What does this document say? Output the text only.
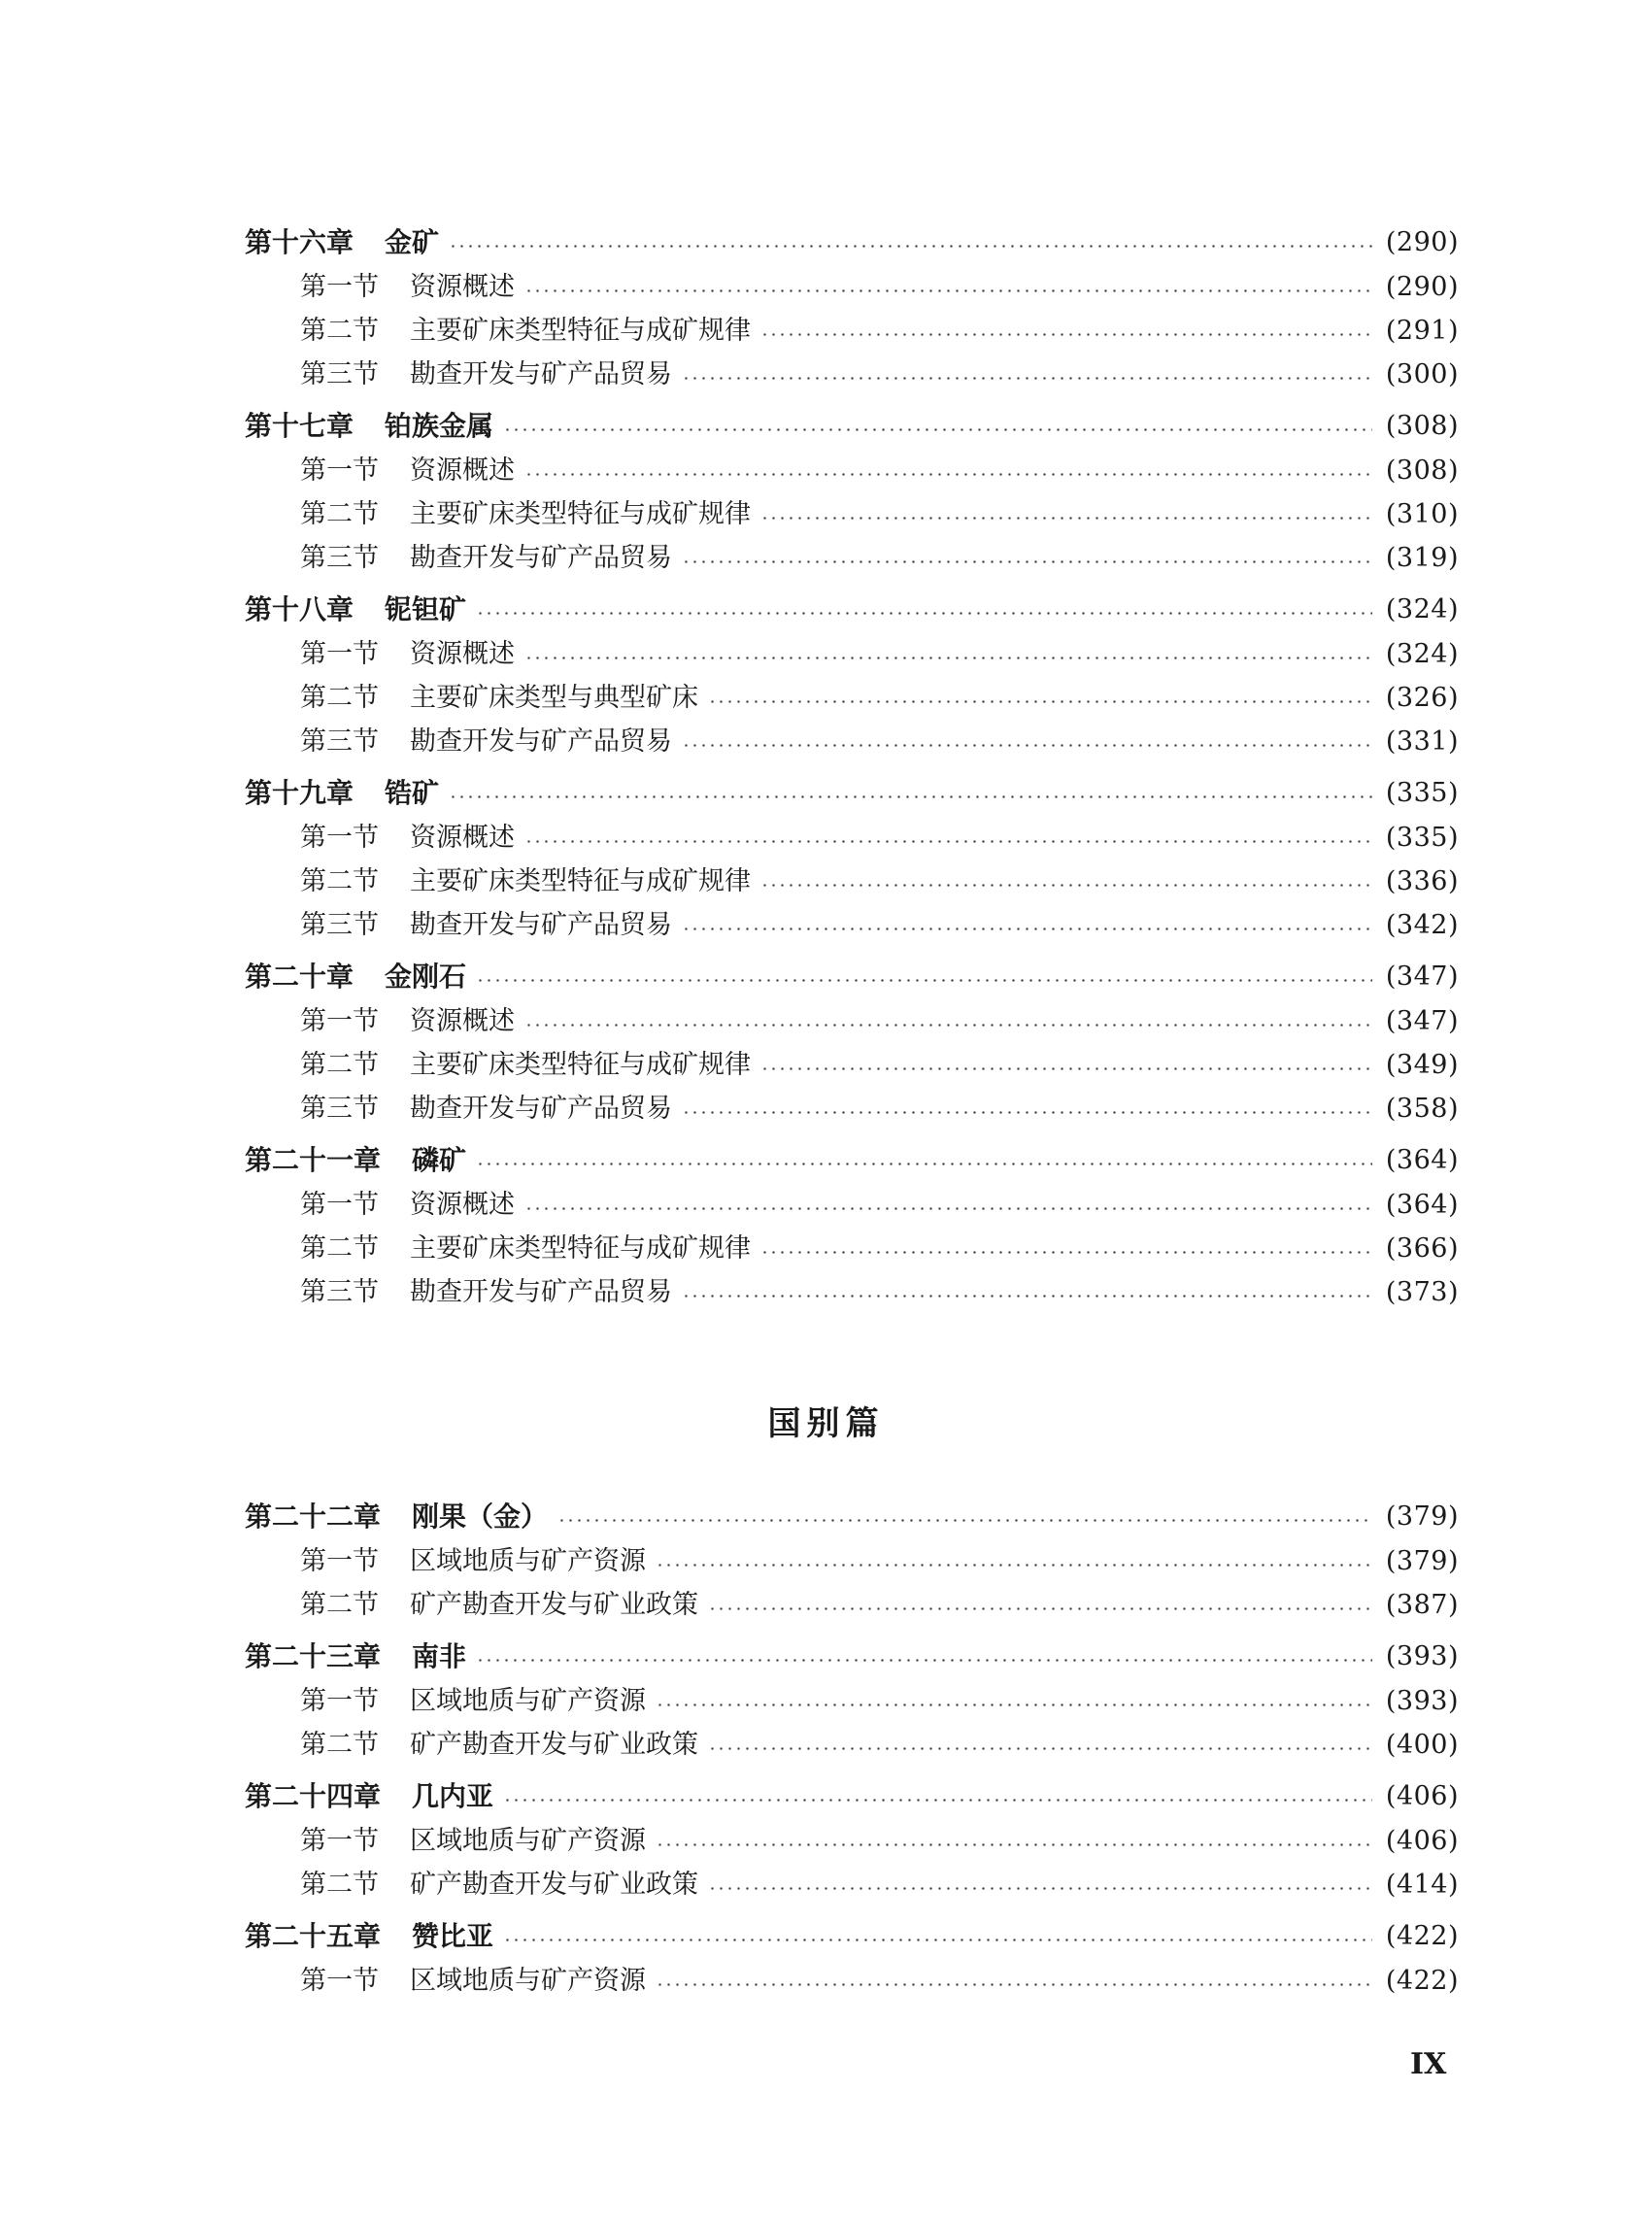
第十六章 金矿	(290)
第一节 资源概述	(290)
第二节 主要矿床类型特征与成矿规律	(291)
第三节 勘查开发与矿产品贸易	(300)
第十七章 铂族金属	(308)
第一节 资源概述	(308)
第二节 主要矿床类型特征与成矿规律	(310)
第三节 勘查开发与矿产品贸易	(319)
第十八章 铌钽矿	(324)
第一节 资源概述	(324)
第二节 主要矿床类型与典型矿床	(326)
第三节 勘查开发与矿产品贸易	(331)
第十九章 锆矿	(335)
第一节 资源概述	(335)
第二节 主要矿床类型特征与成矿规律	(336)
第三节 勘查开发与矿产品贸易	(342)
第二十章 金刚石	(347)
第一节 资源概述	(347)
第二节 主要矿床类型特征与成矿规律	(349)
第三节 勘查开发与矿产品贸易	(358)
第二十一章 磷矿	(364)
第一节 资源概述	(364)
第二节 主要矿床类型特征与成矿规律	(366)
第三节 勘查开发与矿产品贸易	(373)
国别篇
第二十二章 刚果（金）	(379)
第一节 区域地质与矿产资源	(379)
第二节 矿产勘查开发与矿业政策	(387)
第二十三章 南非	(393)
第一节 区域地质与矿产资源	(393)
第二节 矿产勘查开发与矿业政策	(400)
第二十四章 几内亚	(406)
第一节 区域地质与矿产资源	(406)
第二节 矿产勘查开发与矿业政策	(414)
第二十五章 赞比亚	(422)
第一节 区域地质与矿产资源	(422)
IX
